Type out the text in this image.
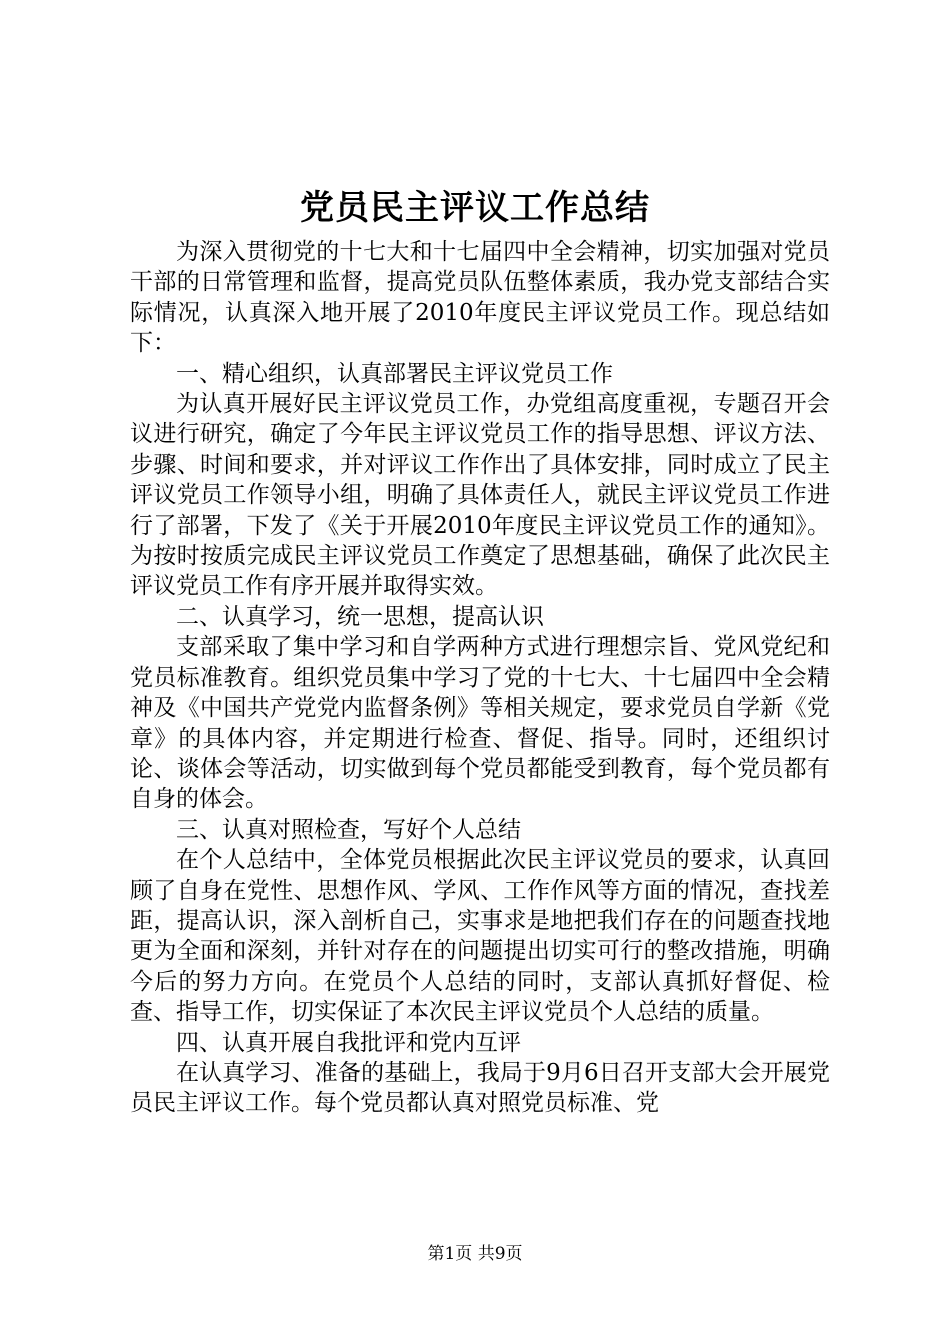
党员民主评议工作总结

为深入贯彻党的十七大和十七届四中全会精神，切实加强对党员干部的日常管理和监督，提高党员队伍整体素质，我办党支部结合实际情况，认真深入地开展了2010年度民主评议党员工作。现总结如下：

一、精心组织，认真部署民主评议党员工作

为认真开展好民主评议党员工作，办党组高度重视，专题召开会议进行研究，确定了今年民主评议党员工作的指导思想、评议方法、步骤、时间和要求，并对评议工作作出了具体安排，同时成立了民主评议党员工作领导小组，明确了具体责任人，就民主评议党员工作进行了部署，下发了《关于开展2010年度民主评议党员工作的通知》。为按时按质完成民主评议党员工作奠定了思想基础，确保了此次民主评议党员工作有序开展并取得实效。

二、认真学习，统一思想，提高认识

支部采取了集中学习和自学两种方式进行理想宗旨、党风党纪和党员标准教育。组织党员集中学习了党的十七大、十七届四中全会精神及《中国共产党党内监督条例》等相关规定，要求党员自学新《党章》的具体内容，并定期进行检查、督促、指导。同时，还组织讨论、谈体会等活动，切实做到每个党员都能受到教育，每个党员都有自身的体会。

三、认真对照检查，写好个人总结

在个人总结中，全体党员根据此次民主评议党员的要求，认真回顾了自身在党性、思想作风、学风、工作作风等方面的情况，查找差距，提高认识，深入剖析自己，实事求是地把我们存在的问题查找地更为全面和深刻，并针对存在的问题提出切实可行的整改措施，明确今后的努力方向。在党员个人总结的同时，支部认真抓好督促、检查、指导工作，切实保证了本次民主评议党员个人总结的质量。

四、认真开展自我批评和党内互评

在认真学习、准备的基础上，我局于9月6日召开支部大会开展党员民主评议工作。每个党员都认真对照党员标准、党

第1页 共9页
